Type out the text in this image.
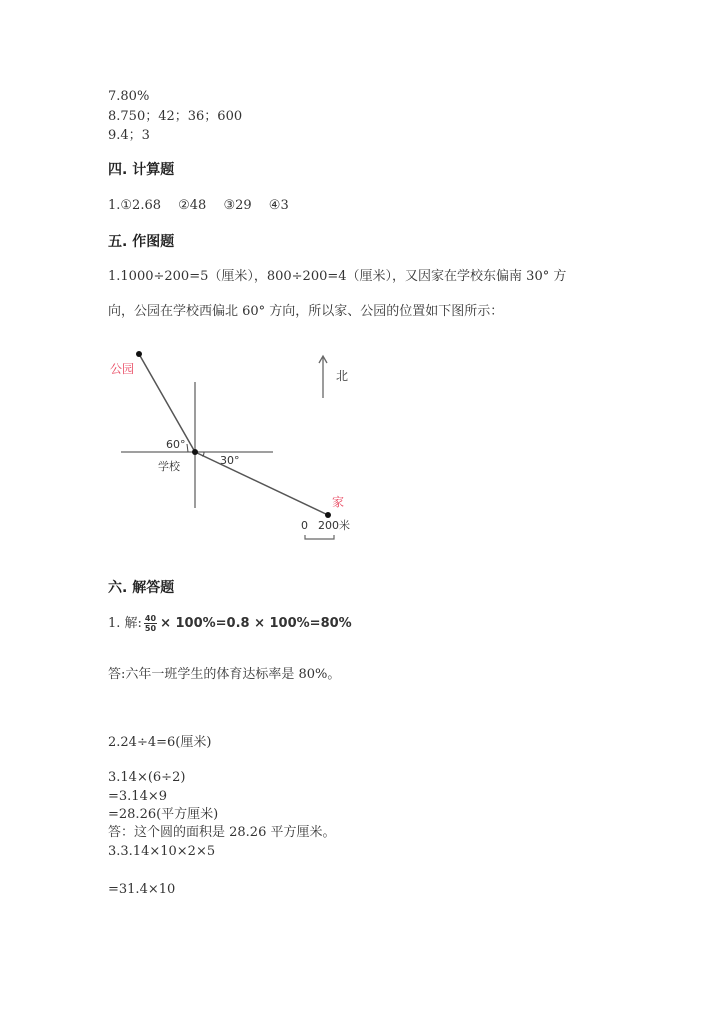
7.80%
8.750；42；36；600
9.4；3
四. 计算题
1.①2.68　 ②48　 ③29　 ④3
五. 作图题
1.1000÷200=5（厘米），800÷200=4（厘米），又因家在学校东偏南 30° 方
向，公园在学校西偏北 60° 方向，所以家、公园的位置如下图所示：
公园
学校
家
北
60°
30°
0 200米
六. 解答题
1. 解: $\frac{40}{50} \times 100\%=0.8 \times 100\%=80\%$
答:六年一班学生的体育达标率是 80%。
2.24÷4=6(厘米)
3.14×(6÷2)
=3.14×9
=28.26(平方厘米)
答：这个圆的面积是 28.26 平方厘米。
3.3.14×10×2×5
=31.4×10
